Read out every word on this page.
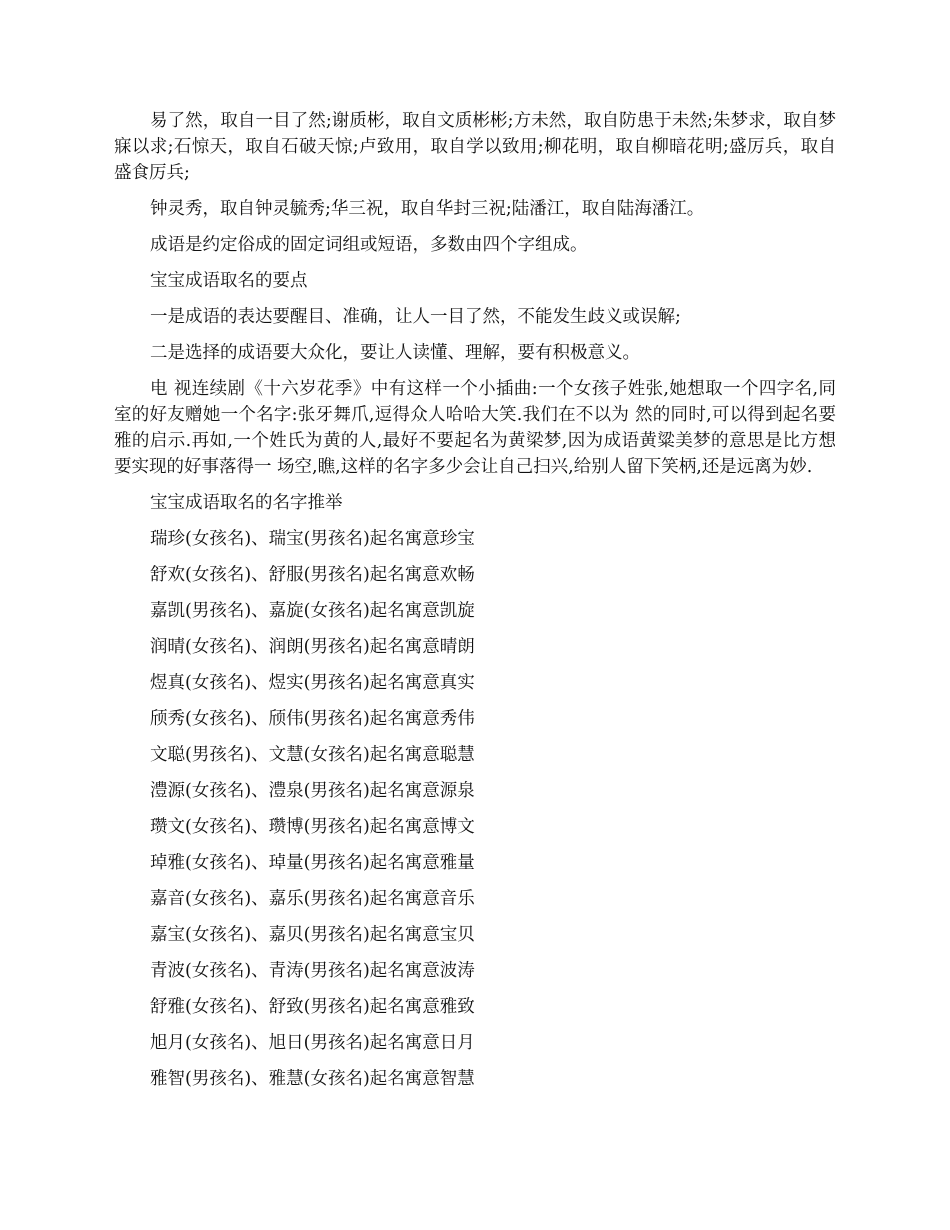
易了然，取自一目了然;谢质彬，取自文质彬彬;方未然，取自防患于未然;朱梦求，取自梦寐以求;石惊天，取自石破天惊;卢致用，取自学以致用;柳花明，取自柳暗花明;盛厉兵，取自盛食厉兵;

钟灵秀，取自钟灵毓秀;华三祝，取自华封三祝;陆潘江，取自陆海潘江。

成语是约定俗成的固定词组或短语，多数由四个字组成。

宝宝成语取名的要点

一是成语的表达要醒目、准确，让人一目了然，不能发生歧义或误解;

二是选择的成语要大众化，要让人读懂、理解，要有积极意义。

电 视连续剧《十六岁花季》中有这样一个小插曲:一个女孩子姓张,她想取一个四字名,同室的好友赠她一个名字:张牙舞爪,逗得众人哈哈大笑.我们在不以为 然的同时,可以得到起名要雅的启示.再如,一个姓氏为黄的人,最好不要起名为黄梁梦,因为成语黄粱美梦的意思是比方想要实现的好事落得一 场空,瞧,这样的名字多少会让自己扫兴,给别人留下笑柄,还是远离为妙.

宝宝成语取名的名字推举

瑞珍(女孩名)、瑞宝(男孩名)起名寓意珍宝

舒欢(女孩名)、舒服(男孩名)起名寓意欢畅

嘉凯(男孩名)、嘉旋(女孩名)起名寓意凯旋

润晴(女孩名)、润朗(男孩名)起名寓意晴朗

煜真(女孩名)、煜实(男孩名)起名寓意真实

颀秀(女孩名)、颀伟(男孩名)起名寓意秀伟

文聪(男孩名)、文慧(女孩名)起名寓意聪慧

澧源(女孩名)、澧泉(男孩名)起名寓意源泉

瓒文(女孩名)、瓒博(男孩名)起名寓意博文

琸雅(女孩名)、琸量(男孩名)起名寓意雅量

嘉音(女孩名)、嘉乐(男孩名)起名寓意音乐

嘉宝(女孩名)、嘉贝(男孩名)起名寓意宝贝

青波(女孩名)、青涛(男孩名)起名寓意波涛

舒雅(女孩名)、舒致(男孩名)起名寓意雅致

旭月(女孩名)、旭日(男孩名)起名寓意日月

雅智(男孩名)、雅慧(女孩名)起名寓意智慧
